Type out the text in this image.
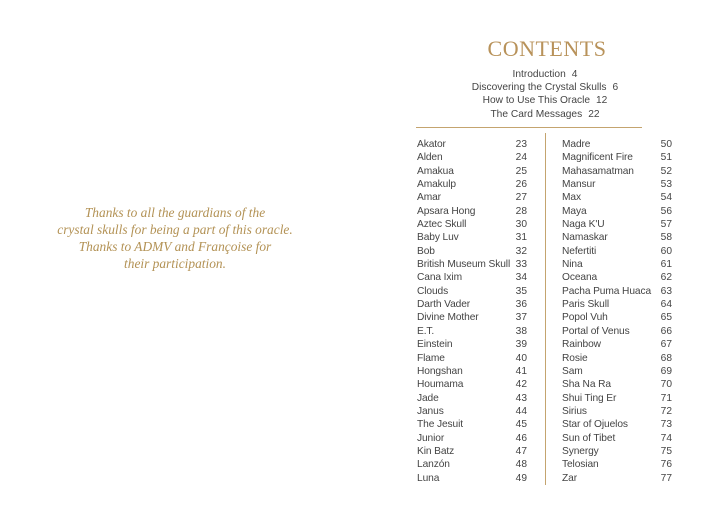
Thanks to all the guardians of the
crystal skulls for being a part of this oracle.
Thanks to ADMV and Françoise for
their participation.
CONTENTS
Introduction 4
Discovering the Crystal Skulls 6
How to Use This Oracle 12
The Card Messages 22
Akator	23
Alden	24
Amakua	25
Amakulp	26
Amar	27
Apsara Hong	28
Aztec Skull	30
Baby Luv	31
Bob	32
British Museum Skull 33
Cana Ixim	34
Clouds	35
Darth Vader	36
Divine Mother	37
E.T.	38
Einstein	39
Flame	40
Hongshan	41
Houmama	42
Jade	43
Janus	44
The Jesuit	45
Junior	46
Kin Batz	47
Lanzón	48
Luna	49
Madre	50
Magnificent Fire	51
Mahasamatman	52
Mansur	53
Max	54
Maya	56
Naga K'U	57
Namaskar	58
Nefertiti	60
Nina	61
Oceana	62
Pacha Puma Huaca 63
Paris Skull	64
Popol Vuh	65
Portal of Venus	66
Rainbow	67
Rosie	68
Sam	69
Sha Na Ra	70
Shui Ting Er	71
Sirius	72
Star of Ojuelos	73
Sun of Tibet	74
Synergy	75
Telosian	76
Zar	77
